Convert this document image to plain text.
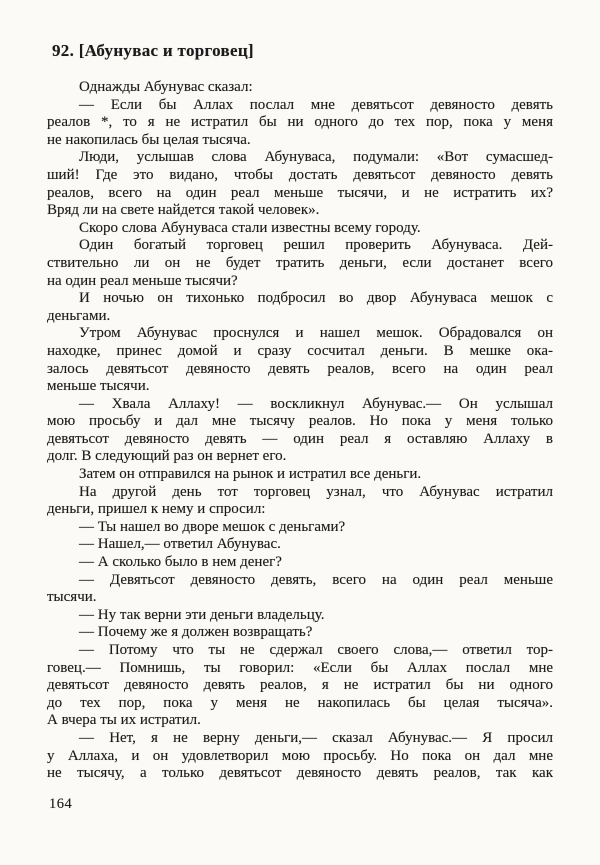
92. [Абунувас и торговец]

Однажды Абунувас сказал:

— Если бы Аллах послал мне девятьсот девяносто девять
реалов *, то я не истратил бы ни одного до тех пор, пока у меня
не накопилась бы целая тысяча.

Люди, услышав слова Абунуваса, подумали: «Вот сумасшед-
ший! Где это видано, чтобы достать девятьсот девяносто девять
реалов, всего на один реал меньше тысячи, и не истратить их?
Вряд ли на свете найдется такой человек».

Скоро слова Абунуваса стали известны всему городу.

Один богатый торговец решил проверить Абунуваса. Дей-
ствительно ли он не будет тратить деньги, если достанет всего
на один реал меньше тысячи?

И ночью он тихонько подбросил во двор Абунуваса мешок с
деньгами.

Утром Абунувас проснулся и нашел мешок. Обрадовался он
находке, принес домой и сразу сосчитал деньги. В мешке ока-
залось девятьсот девяносто девять реалов, всего на один реал
меньше тысячи.

— Хвала Аллаху! — воскликнул Абунувас.— Он услышал
мою просьбу и дал мне тысячу реалов. Но пока у меня только
девятьсот девяносто девять — один реал я оставляю Аллаху в
долг. В следующий раз он вернет его.

Затем он отправился на рынок и истратил все деньги.

На другой день тот торговец узнал, что Абунувас истратил
деньги, пришел к нему и спросил:

— Ты нашел во дворе мешок с деньгами?

— Нашел,— ответил Абунувас.

— А сколько было в нем денег?

— Девятьсот девяносто девять, всего на один реал меньше
тысячи.

— Ну так верни эти деньги владельцу.

— Почему же я должен возвращать?

— Потому что ты не сдержал своего слова,— ответил тор-
говец.— Помнишь, ты говорил: «Если бы Аллах послал мне
девятьсот девяносто девять реалов, я не истратил бы ни одного
до тех пор, пока у меня не накопилась бы целая тысяча».
А вчера ты их истратил.

— Нет, я не верну деньги,— сказал Абунувас.— Я просил
у Аллаха, и он удовлетворил мою просьбу. Но пока он дал мне
не тысячу, а только девятьсот девяносто девять реалов, так как

164
